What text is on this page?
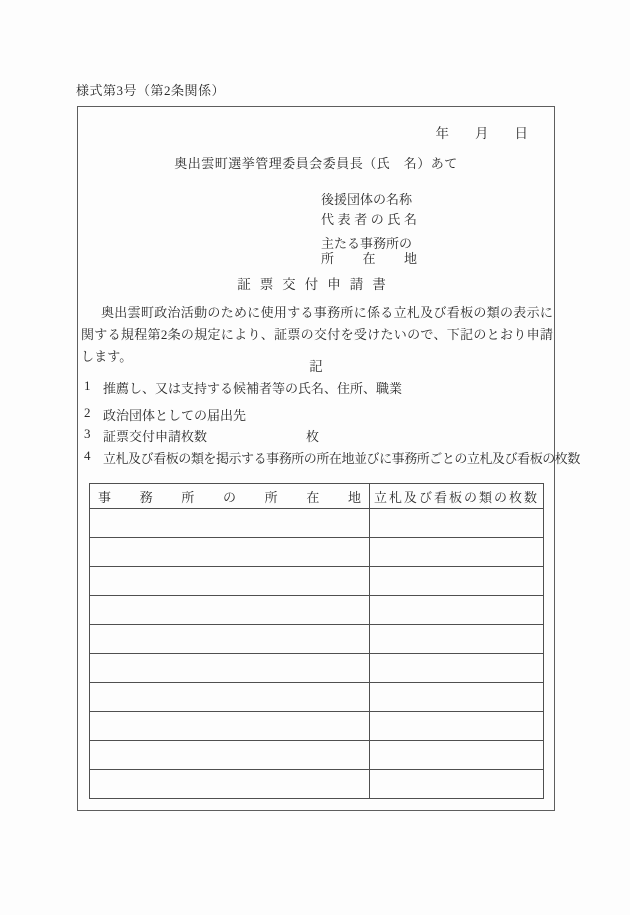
様式第3号（第2条関係）
年 月 日
奥出雲町選挙管理委員会委員長（氏　名）あて
後援団体の名称
代表者の氏名
主たる事務所の
所在地
証票交付申請書
奥出雲町政治活動のために使用する事務所に係る立札及び看板の類の表示に関する規程第2条の規定により、証票の交付を受けたいので、下記のとおり申請します。
記
1 推薦し、又は支持する候補者等の氏名、住所、職業
2 政治団体としての届出先
3 証票交付申請枚数	枚
4 立札及び看板の類を掲示する事務所の所在地並びに事務所ごとの立札及び看板の枚数
事務所の所在地	立札及び看板の類の枚数
